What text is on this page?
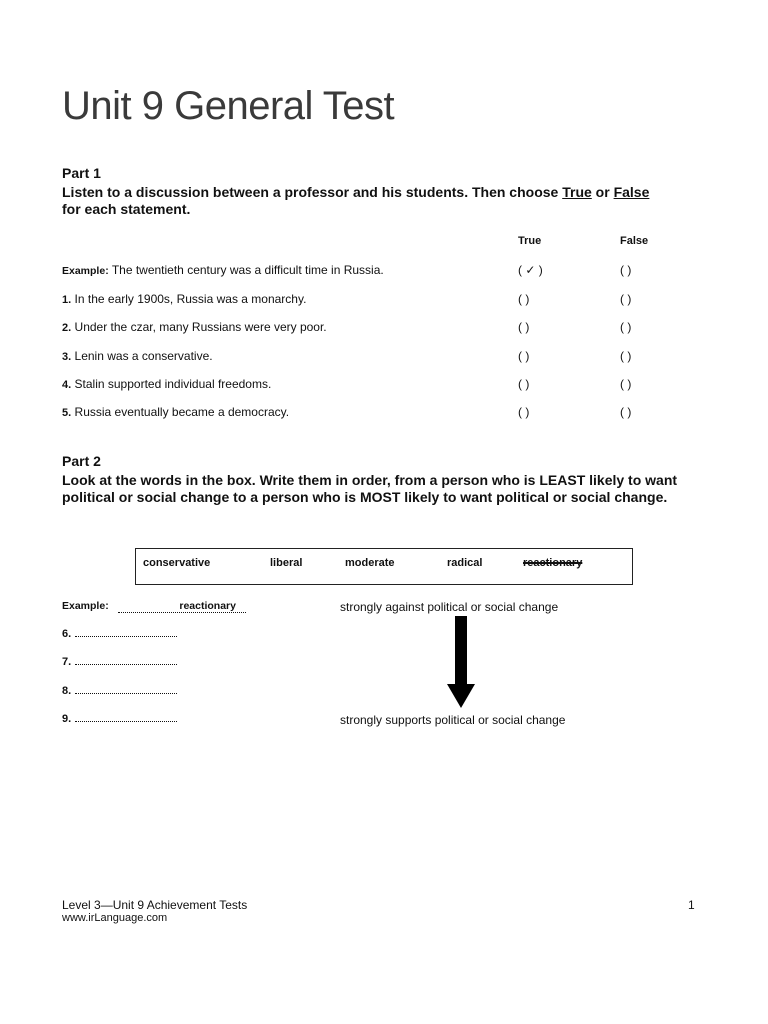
Unit 9 General Test
Part 1
Listen to a discussion between a professor and his students. Then choose True or False
for each statement.
True	False
Example: The twentieth century was a difficult time in Russia.	( ✓ )	( )
1. In the early 1900s, Russia was a monarchy.	( )	( )
2. Under the czar, many Russians were very poor.	( )	( )
3. Lenin was a conservative.	( )	( )
4. Stalin supported individual freedoms.	( )	( )
5. Russia eventually became a democracy.	( )	( )
Part 2
Look at the words in the box. Write them in order, from a person who is LEAST likely to want political or social change to a person who is MOST likely to want political or social change.
conservative	liberal	moderate	radical	reactionary
Example:	reactionary	strongly against political or social change
6.
7.
8.
9.	strongly supports political or social change
Level 3—Unit 9 Achievement Tests
www.irLanguage.com
1
